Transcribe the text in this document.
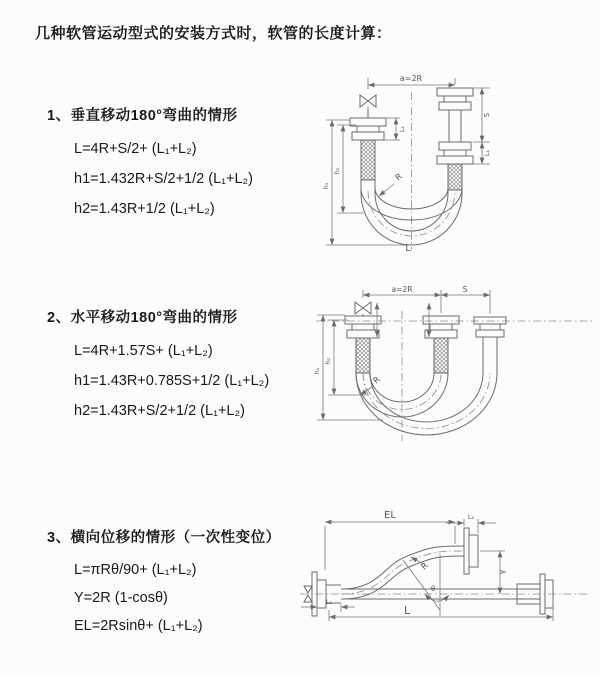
几种软管运动型式的安装方式时，软管的长度计算：
1、垂直移动180°弯曲的情形
L=4R+S/2+ (L₁+L₂)
h1=1.432R+S/2+1/2 (L₁+L₂)
h2=1.43R+1/2 (L₁+L₂)
2、水平移动180°弯曲的情形
L=4R+1.57S+ (L₁+L₂)
h1=1.43R+0.785S+1/2 (L₁+L₂)
h2=1.43R+S/2+1/2 (L₁+L₂)
3、横向位移的情形（一次性变位）
L=πRθ/90+ (L₁+L₂)
Y=2R (1-cosθ)
EL=2Rsinθ+ (L₁+L₂)
a=2R
L₁
S
L₁
h₁
h₂
R
L
a=2R	S
h₁
h₂
R
L₂
EL
θ
R	Y
L₁
L
